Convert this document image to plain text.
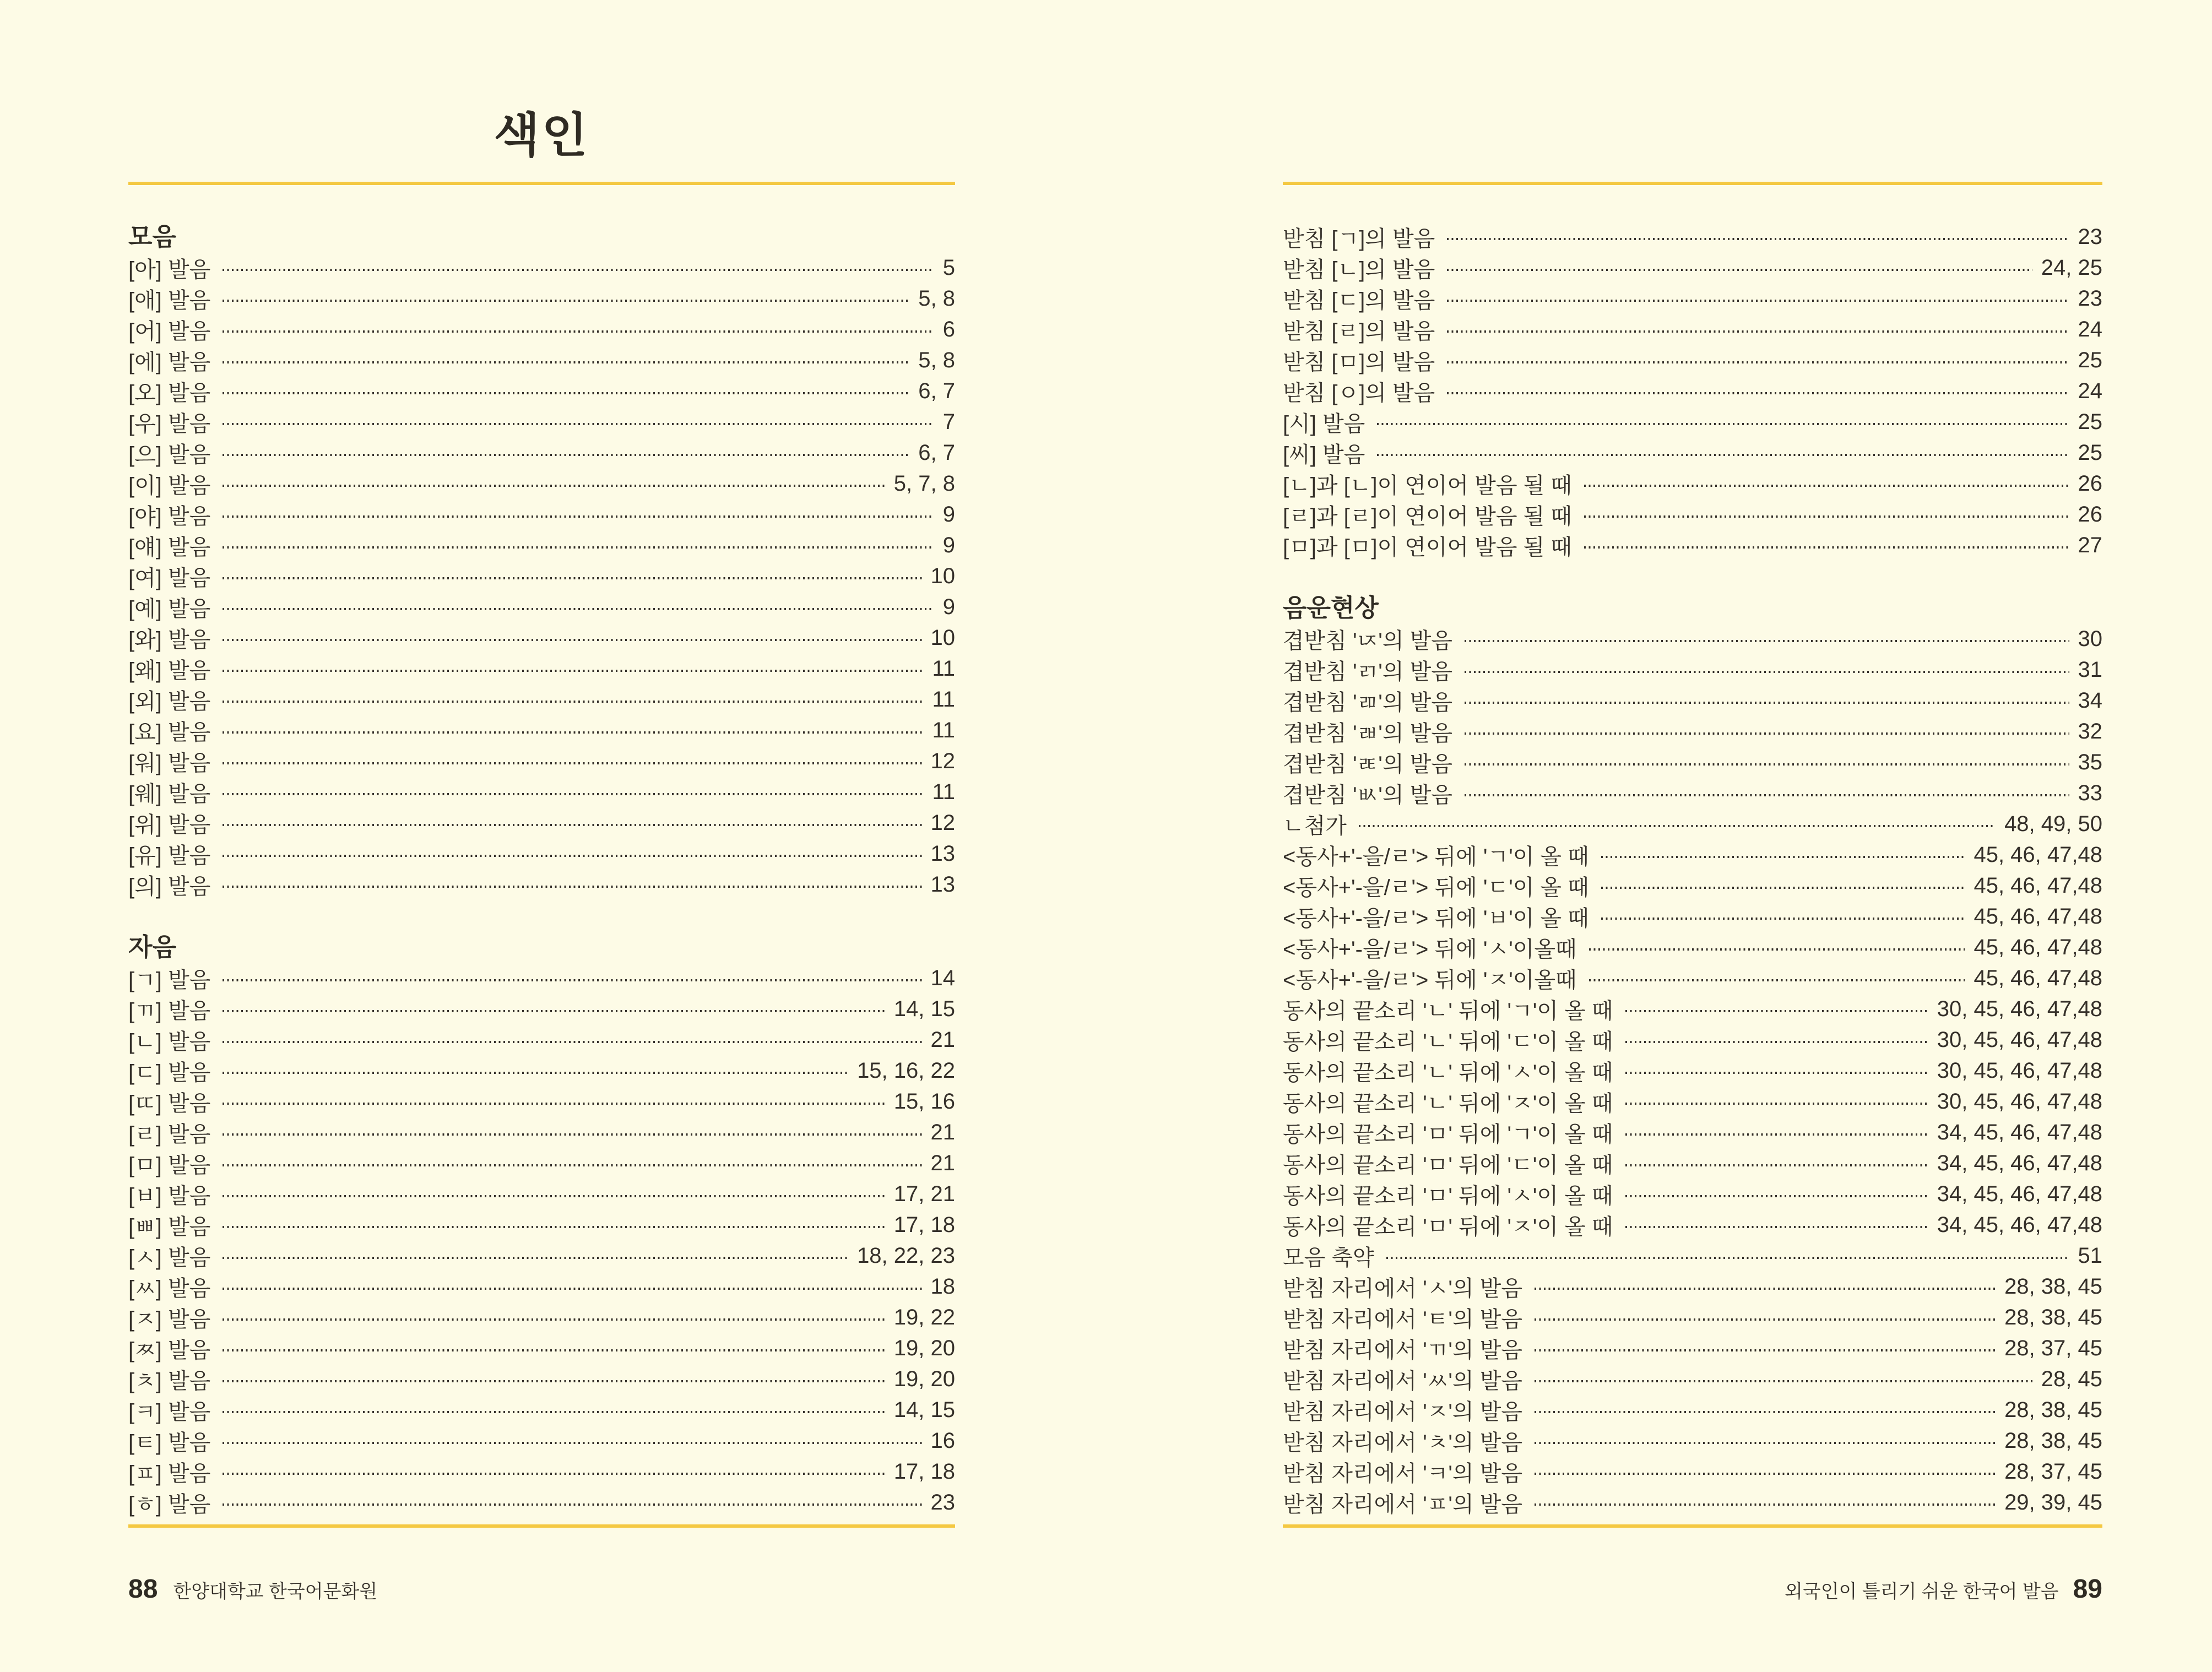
색인
모음
[아] 발음	5
[애] 발음	5, 8
[어] 발음	6
[에] 발음	5, 8
[오] 발음	6, 7
[우] 발음	7
[으] 발음	6, 7
[이] 발음	5, 7, 8
[야] 발음	9
[얘] 발음	9
[여] 발음	10
[예] 발음	9
[와] 발음	10
[왜] 발음	11
[외] 발음	11
[요] 발음	11
[워] 발음	12
[웨] 발음	11
[위] 발음	12
[유] 발음	13
[의] 발음	13
자음
[ㄱ] 발음	14
[ㄲ] 발음	14, 15
[ㄴ] 발음	21
[ㄷ] 발음	15, 16, 22
[ㄸ] 발음	15, 16
[ㄹ] 발음	21
[ㅁ] 발음	21
[ㅂ] 발음	17, 21
[ㅃ] 발음	17, 18
[ㅅ] 발음	18, 22, 23
[ㅆ] 발음	18
[ㅈ] 발음	19, 22
[ㅉ] 발음	19, 20
[ㅊ] 발음	19, 20
[ㅋ] 발음	14, 15
[ㅌ] 발음	16
[ㅍ] 발음	17, 18
[ㅎ] 발음	23
88 한양대학교 한국어문화원
받침 [ㄱ]의 발음	23
받침 [ㄴ]의 발음	24, 25
받침 [ㄷ]의 발음	23
받침 [ㄹ]의 발음	24
받침 [ㅁ]의 발음	25
받침 [ㅇ]의 발음	24
[시] 발음	25
[씨] 발음	25
[ㄴ]과 [ㄴ]이 연이어 발음 될 때	26
[ㄹ]과 [ㄹ]이 연이어 발음 될 때	26
[ㅁ]과 [ㅁ]이 연이어 발음 될 때	27
음운현상
겹받침 'ㄵ'의 발음	30
겹받침 'ㄺ'의 발음	31
겹받침 'ㄻ'의 발음	34
겹받침 'ㄼ'의 발음	32
겹받침 'ㄾ'의 발음	35
겹받침 'ㅄ'의 발음	33
ㄴ첨가	48, 49, 50
<동사+'-을/ㄹ'> 뒤에 'ㄱ'이 올 때	45, 46, 47,48
<동사+'-을/ㄹ'> 뒤에 'ㄷ'이 올 때	45, 46, 47,48
<동사+'-을/ㄹ'> 뒤에 'ㅂ'이 올 때	45, 46, 47,48
<동사+'-을/ㄹ'> 뒤에 'ㅅ'이올때	45, 46, 47,48
<동사+'-을/ㄹ'> 뒤에 'ㅈ'이올때	45, 46, 47,48
동사의 끝소리 'ㄴ' 뒤에 'ㄱ'이 올 때	30, 45, 46, 47,48
동사의 끝소리 'ㄴ' 뒤에 'ㄷ'이 올 때	30, 45, 46, 47,48
동사의 끝소리 'ㄴ' 뒤에 'ㅅ'이 올 때	30, 45, 46, 47,48
동사의 끝소리 'ㄴ' 뒤에 'ㅈ'이 올 때	30, 45, 46, 47,48
동사의 끝소리 'ㅁ' 뒤에 'ㄱ'이 올 때	34, 45, 46, 47,48
동사의 끝소리 'ㅁ' 뒤에 'ㄷ'이 올 때	34, 45, 46, 47,48
동사의 끝소리 'ㅁ' 뒤에 'ㅅ'이 올 때	34, 45, 46, 47,48
동사의 끝소리 'ㅁ' 뒤에 'ㅈ'이 올 때	34, 45, 46, 47,48
모음 축약	51
받침 자리에서 'ㅅ'의 발음	28, 38, 45
받침 자리에서 'ㅌ'의 발음	28, 38, 45
받침 자리에서 'ㄲ'의 발음	28, 37, 45
받침 자리에서 'ㅆ'의 발음	28, 45
받침 자리에서 'ㅈ'의 발음	28, 38, 45
받침 자리에서 'ㅊ'의 발음	28, 38, 45
받침 자리에서 'ㅋ'의 발음	28, 37, 45
받침 자리에서 'ㅍ'의 발음	29, 39, 45
외국인이 틀리기 쉬운 한국어 발음 89
